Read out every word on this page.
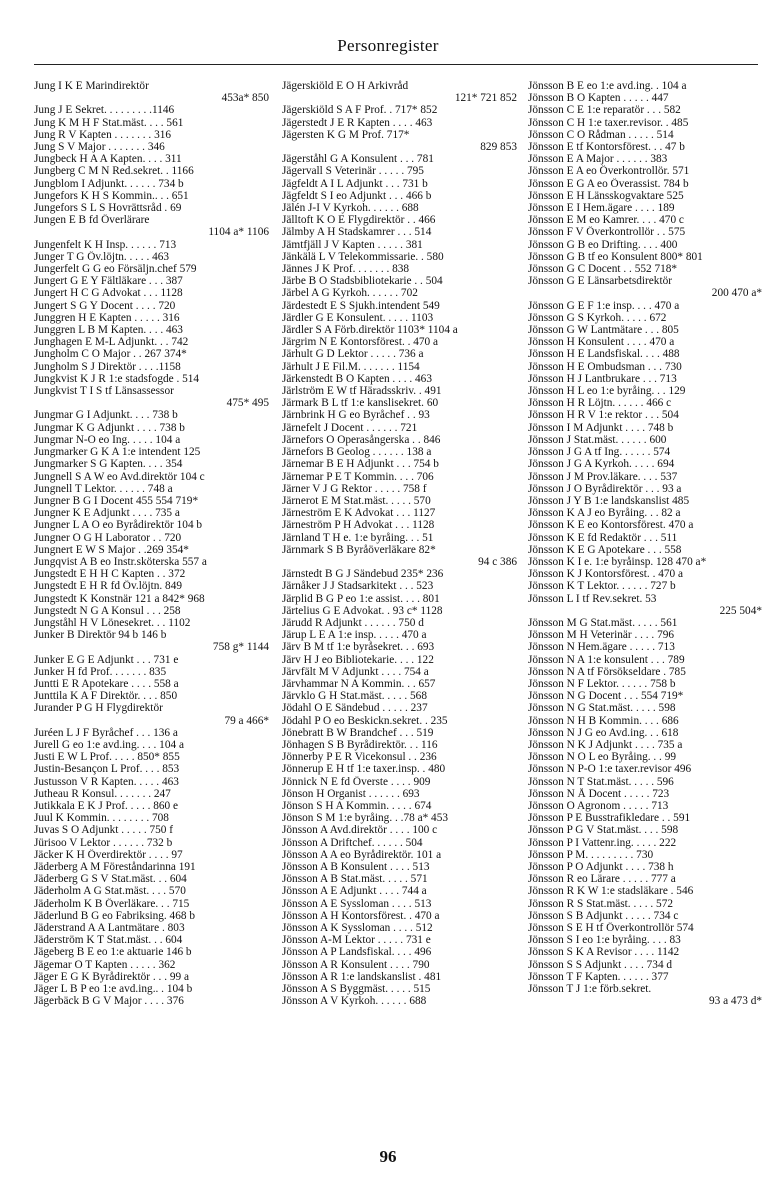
Personregister
Jung I K E Marindirektör
453a* 850
Jung J E Sekret. . . . . . . . .1146
Jung K M H F Stat.mäst. . . . 561
Jung R V Kapten . . . . . . . 316
Jung S V Major . . . . . . . 346
Jungbeck H A A Kapten. . . . 311
Jungberg C M N Red.sekret. . 1166
Jungblom I Adjunkt. . . . . . 734 b
Jungefors K H S Kommin.. . . 651
Jungefors S L S Hovrättsråd . 69
Jungen E B fd Överlärare
1104 a* 1106
Jungenfelt K H Insp. . . . . . 713
Junger T G Öv.löjtn. . . . . 463
Jungerfelt G G eo Försäljn.chef 579
Jungert G E Y Fältläkare . . . 387
Jungert H C G Advokat . . . 1128
Jungert S G Y Docent . . . . 720
Junggren H E Kapten . . . . . 316
Junggren L B M Kapten. . . . 463
Junghagen E M-L Adjunkt. . . 742
Jungholm C O Major . . 267 374*
Jungholm S J Direktör . . . .1158
Jungkvist K J R 1:e stadsfogde . 514
Jungkvist T I S tf Länsassessor
475* 495
Jungmar G I Adjunkt. . . . 738 b
Jungmar K G Adjunkt . . . . 738 b
Jungmar N-O eo Ing. . . . . 104 a
Jungmarker G K A 1:e intendent 125
Jungmarker S G Kapten. . . . 354
Jungnell S A W eo Avd.direktör 104 c
Jungnell T Lektor. . . . . . 748 a
Jungner B G I Docent 455 554 719*
Jungner K E Adjunkt . . . . 735 a
Jungner L A O eo Byrådirektör 104 b
Jungner O G H Laborator . . 720
Jungnert E W S Major . .269 354*
Jungqvist A B eo Instr.sköterska 557 a
Jungstedt E H H C Kapten . . 372
Jungstedt E H R fd Öv.löjtn. 849
Jungstedt K Konstnär 121 a 842* 968
Jungstedt N G A Konsul . . . 258
Jungståhl H V Lönesekret. . . 1102
Junker B Direktör 94 b 146 b
758 g* 1144
Junker E G E Adjunkt . . . 731 e
Junker H fd Prof. . . . . . . 835
Juntti E R Apotekare . . . . 558 a
Junttila K A F Direktör. . . . 850
Jurander P G H Flygdirektör
79 a 466*
Juréen L J F Byråchef . . . 136 a
Jurell G eo 1:e avd.ing. . . . 104 a
Justi E W L Prof. . . . . 850* 855
Justin-Besançon L Prof. . . . 853
Justusson V R Kapten. . . . . 463
Jutheau R Konsul. . . . . . . 247
Jutikkala E K J Prof. . . . . 860 e
Juul K Kommin. . . . . . . . 708
Juvas S O Adjunkt . . . . . 750 f
Jürisoo V Lektor . . . . . . 732 b
Jäcker K H Överdirektör . . . . 97
Jäderberg A M Föreståndarinna 191
Jäderberg G S V Stat.mäst. . . 604
Jäderholm A G Stat.mäst. . . . 570
Jäderholm K B Överläkare. . . 715
Jäderlund B G eo Fabriksing. 468 b
Jäderstrand A A Lantmätare . 803
Jäderström K T Stat.mäst. . . 604
Jägeberg B E eo 1:e aktuarie 146 b
Jägemar O T Kapten . . . . . 362
Jäger E G K Byrådirektör . . . 99 a
Jäger L B P eo 1:e avd.ing.. . 104 b
Jägerbäck B G V Major . . . . 376
Jägerskiöld E O H Arkivråd
121* 721 852
Jägerskiöld S A F Prof. . 717* 852
Jägerstedt J E R Kapten . . . . 463
Jägersten K G M Prof. 717*
829 853
Jägerståhl G A Konsulent . . . 781
Jägervall S Veterinär . . . . . 795
Jägfeldt A I L Adjunkt . . . 731 b
Jägfeldt S I eo Adjunkt . . . 466 b
Jälén J-I V Kyrkoh. . . . . . 688
Jälltoft K O E Flygdirektör . . 466
Jälmby A H Stadskamrer . . . 514
Jämtfjäll J V Kapten . . . . . 381
Jänkälä L V Telekommissarie. . 580
Jännes J K Prof. . . . . . . 838
Järbe B O Stadsbibliotekarie . . 504
Järbel A G Kyrkoh. . . . . . 702
Järdestedt E S Sjukh.intendent 549
Järdler G E Konsulent. . . . . 1103
Järdler S A Förb.direktör 1103* 1104 a
Järgrim N E Kontorsförest. . 470 a
Järhult G D Lektor . . . . . 736 a
Järhult J E Fil.M. . . . . . . 1154
Järkenstedt B O Kapten . . . . 463
Järlström E W tf Häradsskriv. . 491
Järmark B L tf 1:e kanslisekret. 60
Järnbrink H G eo Byråchef . . 93
Järnefelt J Docent . . . . . . 721
Järnefors O Operasångerska . . 846
Järnefors B Geolog . . . . . . 138 a
Järnemar B E H Adjunkt . . . 754 b
Järnemar P E T Kommin. . . . 706
Järner V J G Rektor . . . . . 758 f
Järnerot E M Stat.mäst. . . . . 570
Järneström E K Advokat . . . 1127
Järneström P H Advokat . . . 1128
Järnland T H e. 1:e byråing. . . 51
Järnmark S B Byråöverläkare 82*
94 c 386
Järnstedt B G J Sändebud 235* 236
Järnåker J J Stadsarkitekt . . . 523
Järplid B G P eo 1:e assist. . . . 801
Järtelius G E Advokat. . 93 c* 1128
Järudd R Adjunkt . . . . . . 750 d
Järup L E A 1:e insp. . . . . 470 a
Järv B M tf 1:e byråsekret. . . 693
Järv H J eo Bibliotekarie. . . . 122
Järvfält M V Adjunkt . . . . 754 a
Järvhammar N A Kommin. . . 657
Järvklo G H Stat.mäst. . . . . 568
Jödahl O E Sändebud . . . . . 237
Jödahl P O eo Beskickn.sekret. . 235
Jönebratt B W Brandchef . . . 519
Jönhagen S B Byrådirektör. . . 116
Jönnerby P E R Vicekonsul . . 236
Jönnerup E H tf 1:e taxer.insp. . 480
Jönnick N E fd Överste . . . . 909
Jönson H Organist . . . . . . 693
Jönson S H A Kommin. . . . . 674
Jönson S M 1:e byråing. . .78 a* 453
Jönsson A Avd.direktör . . . . 100 c
Jönsson A Driftchef. . . . . . 504
Jönsson A A eo Byrådirektör. 101 a
Jönsson A B Konsulent . . . . 513
Jönsson A B Stat.mäst. . . . . 571
Jönsson A E Adjunkt . . . . 744 a
Jönsson A E Syssloman . . . . 513
Jönsson A H Kontorsförest. . 470 a
Jönsson A K Syssloman . . . . 512
Jönsson A-M Lektor . . . . . 731 e
Jönsson A P Landsfiskal. . . . 496
Jönsson A R Konsulent . . . . 790
Jönsson A R 1:e landskanslist . 481
Jönsson A S Byggmäst. . . . . 515
Jönsson A V Kyrkoh. . . . . . 688
Jönsson B E eo 1:e avd.ing. . 104 a
Jönsson B O Kapten . . . . . 447
Jönsson C E 1:e reparatör . . . 582
Jönsson C H 1:e taxer.revisor. . 485
Jönsson C O Rådman . . . . . 514
Jönsson E tf Kontorsförest. . . 47 b
Jönsson E A Major . . . . . . 383
Jönsson E A eo Överkontrollör. 571
Jönsson E G A eo Överassist. 784 b
Jönsson E H Länsskogvaktare 525
Jönsson E I Hem.ägare . . . . 189
Jönsson E M eo Kamrer. . . . 470 c
Jönsson F V Överkontrollör . . 575
Jönsson G B eo Drifting. . . . 400
Jönsson G B tf eo Konsulent 800* 801
Jönsson G C Docent . . 552 718*
Jönsson G E Länsarbetsdirektör
200 470 a*
Jönsson G E F 1:e insp. . . . 470 a
Jönsson G S Kyrkoh. . . . . 672
Jönsson G W Lantmätare . . . 805
Jönsson H Konsulent . . . . 470 a
Jönsson H E Landsfiskal. . . . 488
Jönsson H E Ombudsman . . . 730
Jönsson H J Lantbrukare . . . 713
Jönsson H L eo 1:e byråing. . . 129
Jönsson H R Löjtn. . . . . . 466 c
Jönsson H R V 1:e rektor . . . 504
Jönsson I M Adjunkt . . . . 748 b
Jönsson J Stat.mäst. . . . . . 600
Jönsson J G A tf Ing. . . . . . 574
Jönsson J G A Kyrkoh. . . . . 694
Jönsson J M Prov.läkare. . . . 537
Jönsson J O Byrådirektör . . . 93 a
Jönsson J Y B 1:e landskanslist 485
Jönsson K A J eo Byråing. . . 82 a
Jönsson K E eo Kontorsförest. 470 a
Jönsson K E fd Redaktör . . . 511
Jönsson K E G Apotekare . . . 558
Jönsson K I e. 1:e byråinsp. 128 470 a*
Jönsson K J Kontorsförest. . 470 a
Jönsson K T Lektor. . . . . . 727 b
Jönsson L I tf Rev.sekret. 53
225 504*
Jönsson M G Stat.mäst. . . . . 561
Jönsson M H Veterinär . . . . 796
Jönsson N Hem.ägare . . . . . 713
Jönsson N A 1:e konsulent . . . 789
Jönsson N A tf Försökseldare . 785
Jönsson N F Lektor. . . . . . 758 b
Jönsson N G Docent . . . 554 719*
Jönsson N G Stat.mäst. . . . . 598
Jönsson N H B Kommin. . . . 686
Jönsson N J G eo Avd.ing. . . 618
Jönsson N K J Adjunkt . . . . 735 a
Jönsson N O L eo Byråing. . . 99
Jönsson N P-O 1:e taxer.revisor 496
Jönsson N T Stat.mäst. . . . . 596
Jönsson N Å Docent . . . . . 723
Jönsson O Agronom . . . . . 713
Jönsson P E Busstrafikledare . . 591
Jönsson P G V Stat.mäst. . . . 598
Jönsson P I Vattenr.ing. . . . . 222
Jönsson P M. . . . . . . . . 730
Jönsson P O Adjunkt . . . . 738 h
Jönsson R eo Lärare . . . . . 777 a
Jönsson R K W 1:e stadsläkare . 546
Jönsson R S Stat.mäst. . . . . 572
Jönsson S B Adjunkt . . . . . 734 c
Jönsson S E H tf Överkontrollör 574
Jönsson S I eo 1:e byråing. . . . 83
Jönsson S K A Revisor . . . . 1142
Jönsson S S Adjunkt . . . . 734 d
Jönsson T F Kapten. . . . . . 377
Jönsson T J 1:e förb.sekret.
93 a 473 d*
96
